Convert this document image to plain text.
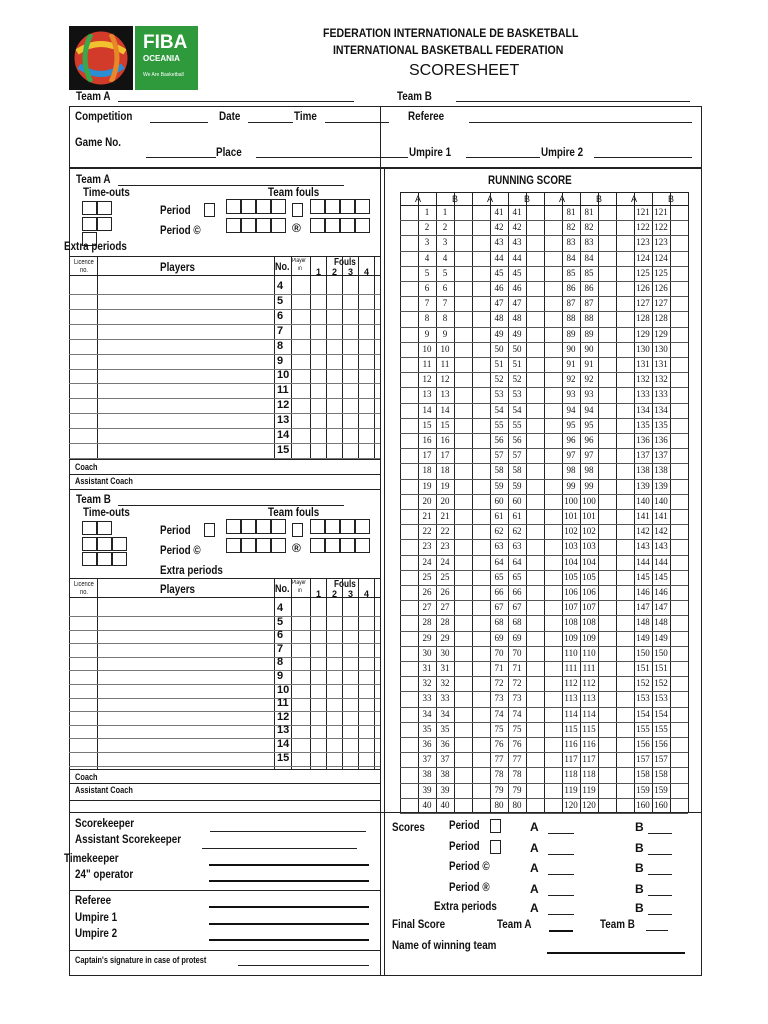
FIBA
OCEANIA
We Are Basketball
FEDERATION INTERNATIONALE DE BASKETBALL
INTERNATIONAL BASKETBALL FEDERATION
SCORESHEET
Team A	Team B
Competition	Date	Time	Referee
Game No.
Place	Umpire 1	Umpire 2
Team A
Time-outs	Team fouls
Period
Period ©	®
Extra periods
Licence
no.	Players	No. Player
in
Fouls
1 2 3 4
4
5
6
7
8
9
10
11
12
13
14
15
Coach
Assistant Coach
Team B
Time-outs	Team fouls
Period
Period ©	®
Extra periods
Licence
no.	Players	No. Player
in
Fouls
1 2 3 4
4
5
6
7
8
9
10
11
12
13
14
15
Coach
Assistant Coach
RUNNING SCORE
A	B
1	1
2	2
3	3
4	4
5	5
6	6
7	7
8	8
9	9
10	10
11	11
12	12
13	13
14	14
15	15
16	16
17	17
18	18
19	19
20	20
21	21
22	22
23	23
24	24
25	25
26	26
27	27
28	28
29	29
30	30
31	31
32	32
33	33
34	34
35	35
36	36
37	37
38	38
39	39
40	40
A	B
41	41
42	42
43	43
44	44
45	45
46	46
47	47
48	48
49	49
50	50
51	51
52	52
53	53
54	54
55	55
56	56
57	57
58	58
59	59
60	60
61	61
62	62
63	63
64	64
65	65
66	66
67	67
68	68
69	69
70	70
71	71
72	72
73	73
74	74
75	75
76	76
77	77
78	78
79	79
80	80
A	B
81	81
82	82
83	83
84	84
85	85
86	86
87	87
88	88
89	89
90	90
91	91
92	92
93	93
94	94
95	95
96	96
97	97
98	98
99	99
100 100
101 101
102 102
103 103
104 104
105 105
106 106
107 107
108 108
109 109
110 110
111 111
112 112
113 113
114 114
115 115
116 116
117 117
118 118
119 119
120 120
A	B
121 121
122 122
123 123
124 124
125 125
126 126
127 127
128 128
129 129
130 130
131 131
132 132
133 133
134 134
135 135
136 136
137 137
138 138
139 139
140 140
141 141
142 142
143 143
144 144
145 145
146 146
147 147
148 148
149 149
150 150
151 151
152 152
153 153
154 154
155 155
156 156
157 157
158 158
159 159
160 160
Scorekeeper
Assistant Scorekeeper
Timekeeper
24" operator
Referee
Umpire 1
Umpire 2
Captain's signature in case of protest
Scores Period	A	B
Period	A	B
Period ©	A	B
Period ®	A	B
Extra periods	A	B
Final Score	Team A	Team B
Name of winning team
